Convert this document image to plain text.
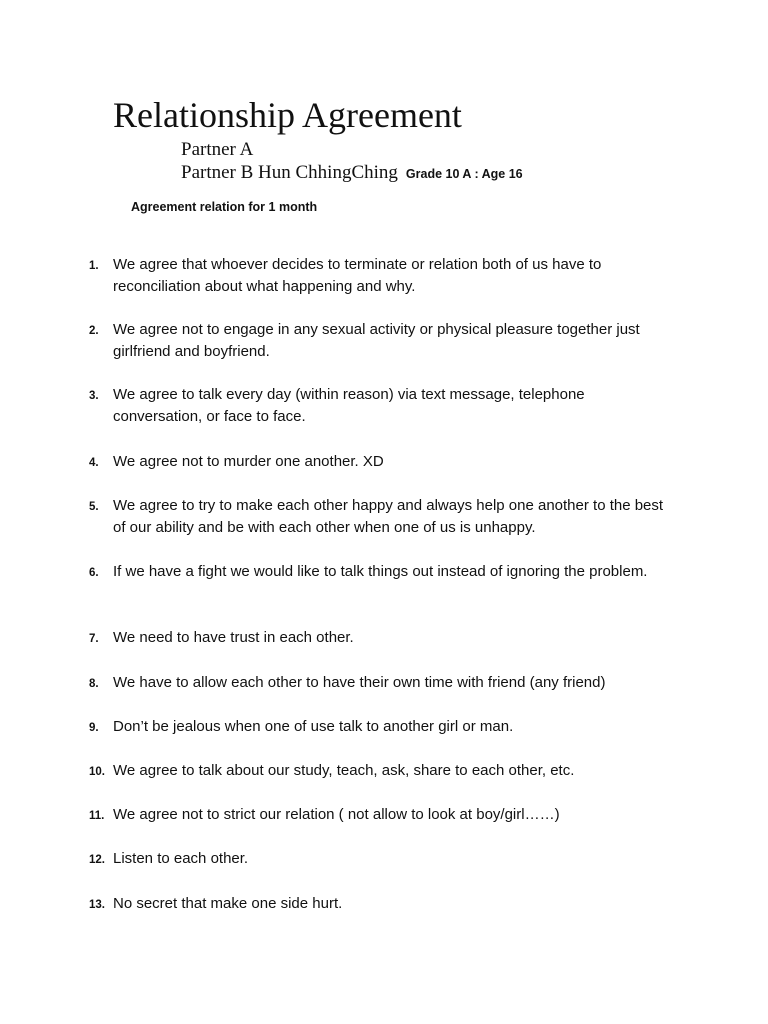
Relationship Agreement
Partner A
Partner B Hun ChhingChing Grade 10 A : Age 16
Agreement relation for 1 month
1. We agree that whoever decides to terminate or relation both of us have to reconciliation about what happening and why.
2. We agree not to engage in any sexual activity or physical pleasure together just girlfriend and boyfriend.
3. We agree to talk every day (within reason) via text message, telephone conversation, or face to face.
4. We agree not to murder one another. XD
5. We agree to try to make each other happy and always help one another to the best of our ability and be with each other when one of us is unhappy.
6. If we have a fight we would like to talk things out instead of ignoring the problem.
7. We need to have trust in each other.
8. We have to allow each other to have their own time with friend (any friend)
9. Don’t be jealous when one of use talk to another girl or man.
10. We agree to talk about our study, teach, ask, share to each other, etc.
11. We agree not to strict our relation ( not allow to look at boy/girl……)
12. Listen to each other.
13. No secret that make one side hurt.
